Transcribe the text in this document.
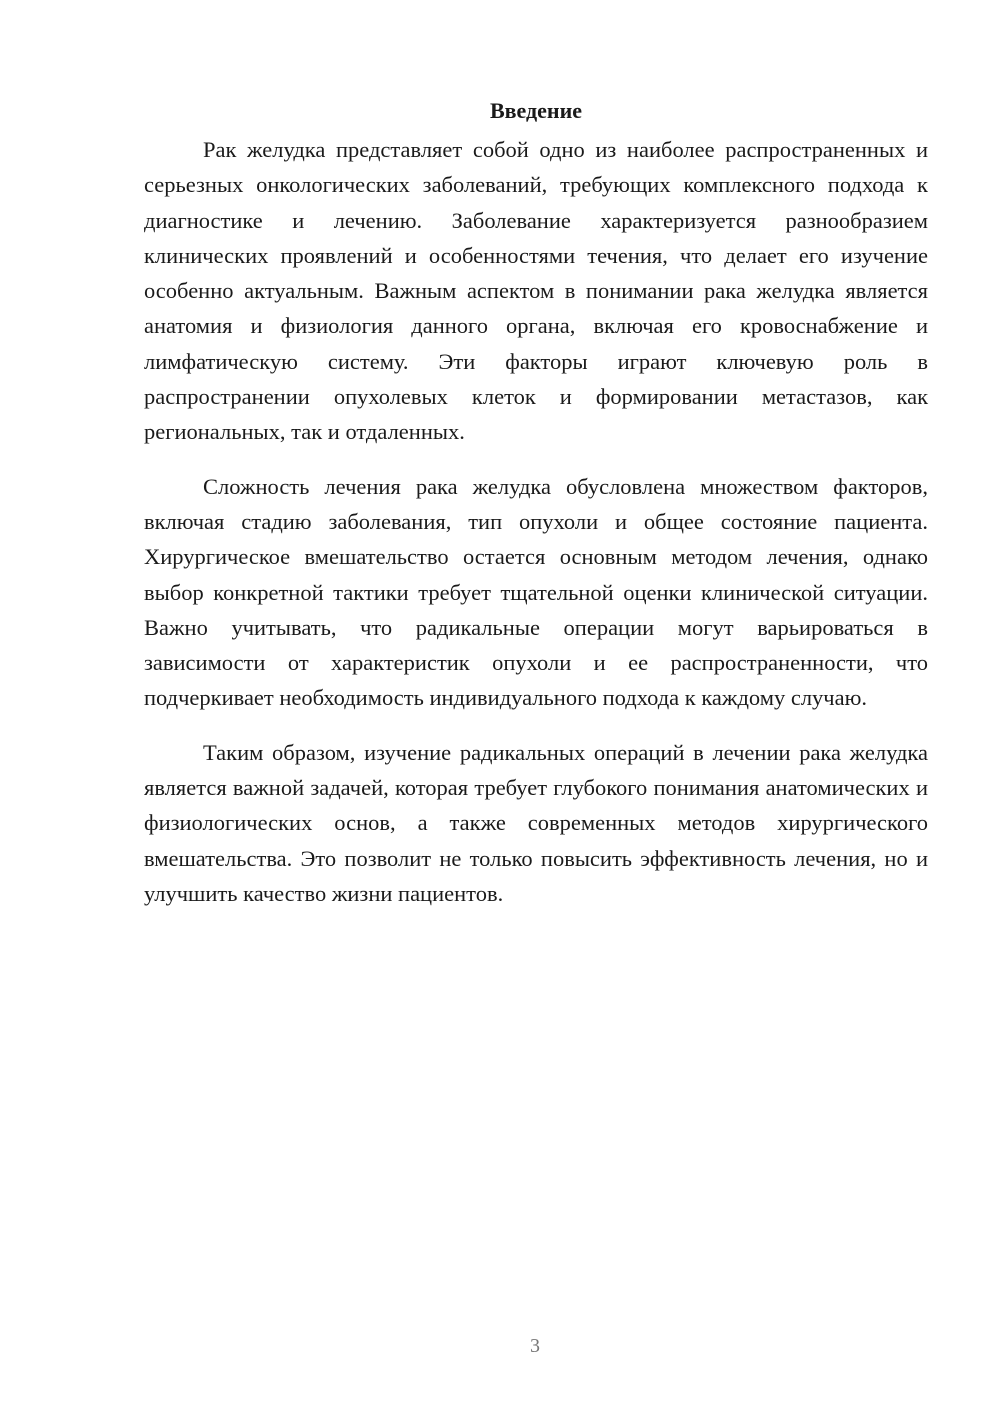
Введение

Рак желудка представляет собой одно из наиболее распространенных и серьезных онкологических заболеваний, требующих комплексного подхода к диагностике и лечению. Заболевание характеризуется разнообразием клинических проявлений и особенностями течения, что делает его изучение особенно актуальным. Важным аспектом в понимании рака желудка является анатомия и физиология данного органа, включая его кровоснабжение и лимфатическую систему. Эти факторы играют ключевую роль в распространении опухолевых клеток и формировании метастазов, как региональных, так и отдаленных.

Сложность лечения рака желудка обусловлена множеством факторов, включая стадию заболевания, тип опухоли и общее состояние пациента. Хирургическое вмешательство остается основным методом лечения, однако выбор конкретной тактики требует тщательной оценки клинической ситуации. Важно учитывать, что радикальные операции могут варьироваться в зависимости от характеристик опухоли и ее распространенности, что подчеркивает необходимость индивидуального подхода к каждому случаю.

Таким образом, изучение радикальных операций в лечении рака желудка является важной задачей, которая требует глубокого понимания анатомических и физиологических основ, а также современных методов хирургического вмешательства. Это позволит не только повысить эффективность лечения, но и улучшить качество жизни пациентов.

3
